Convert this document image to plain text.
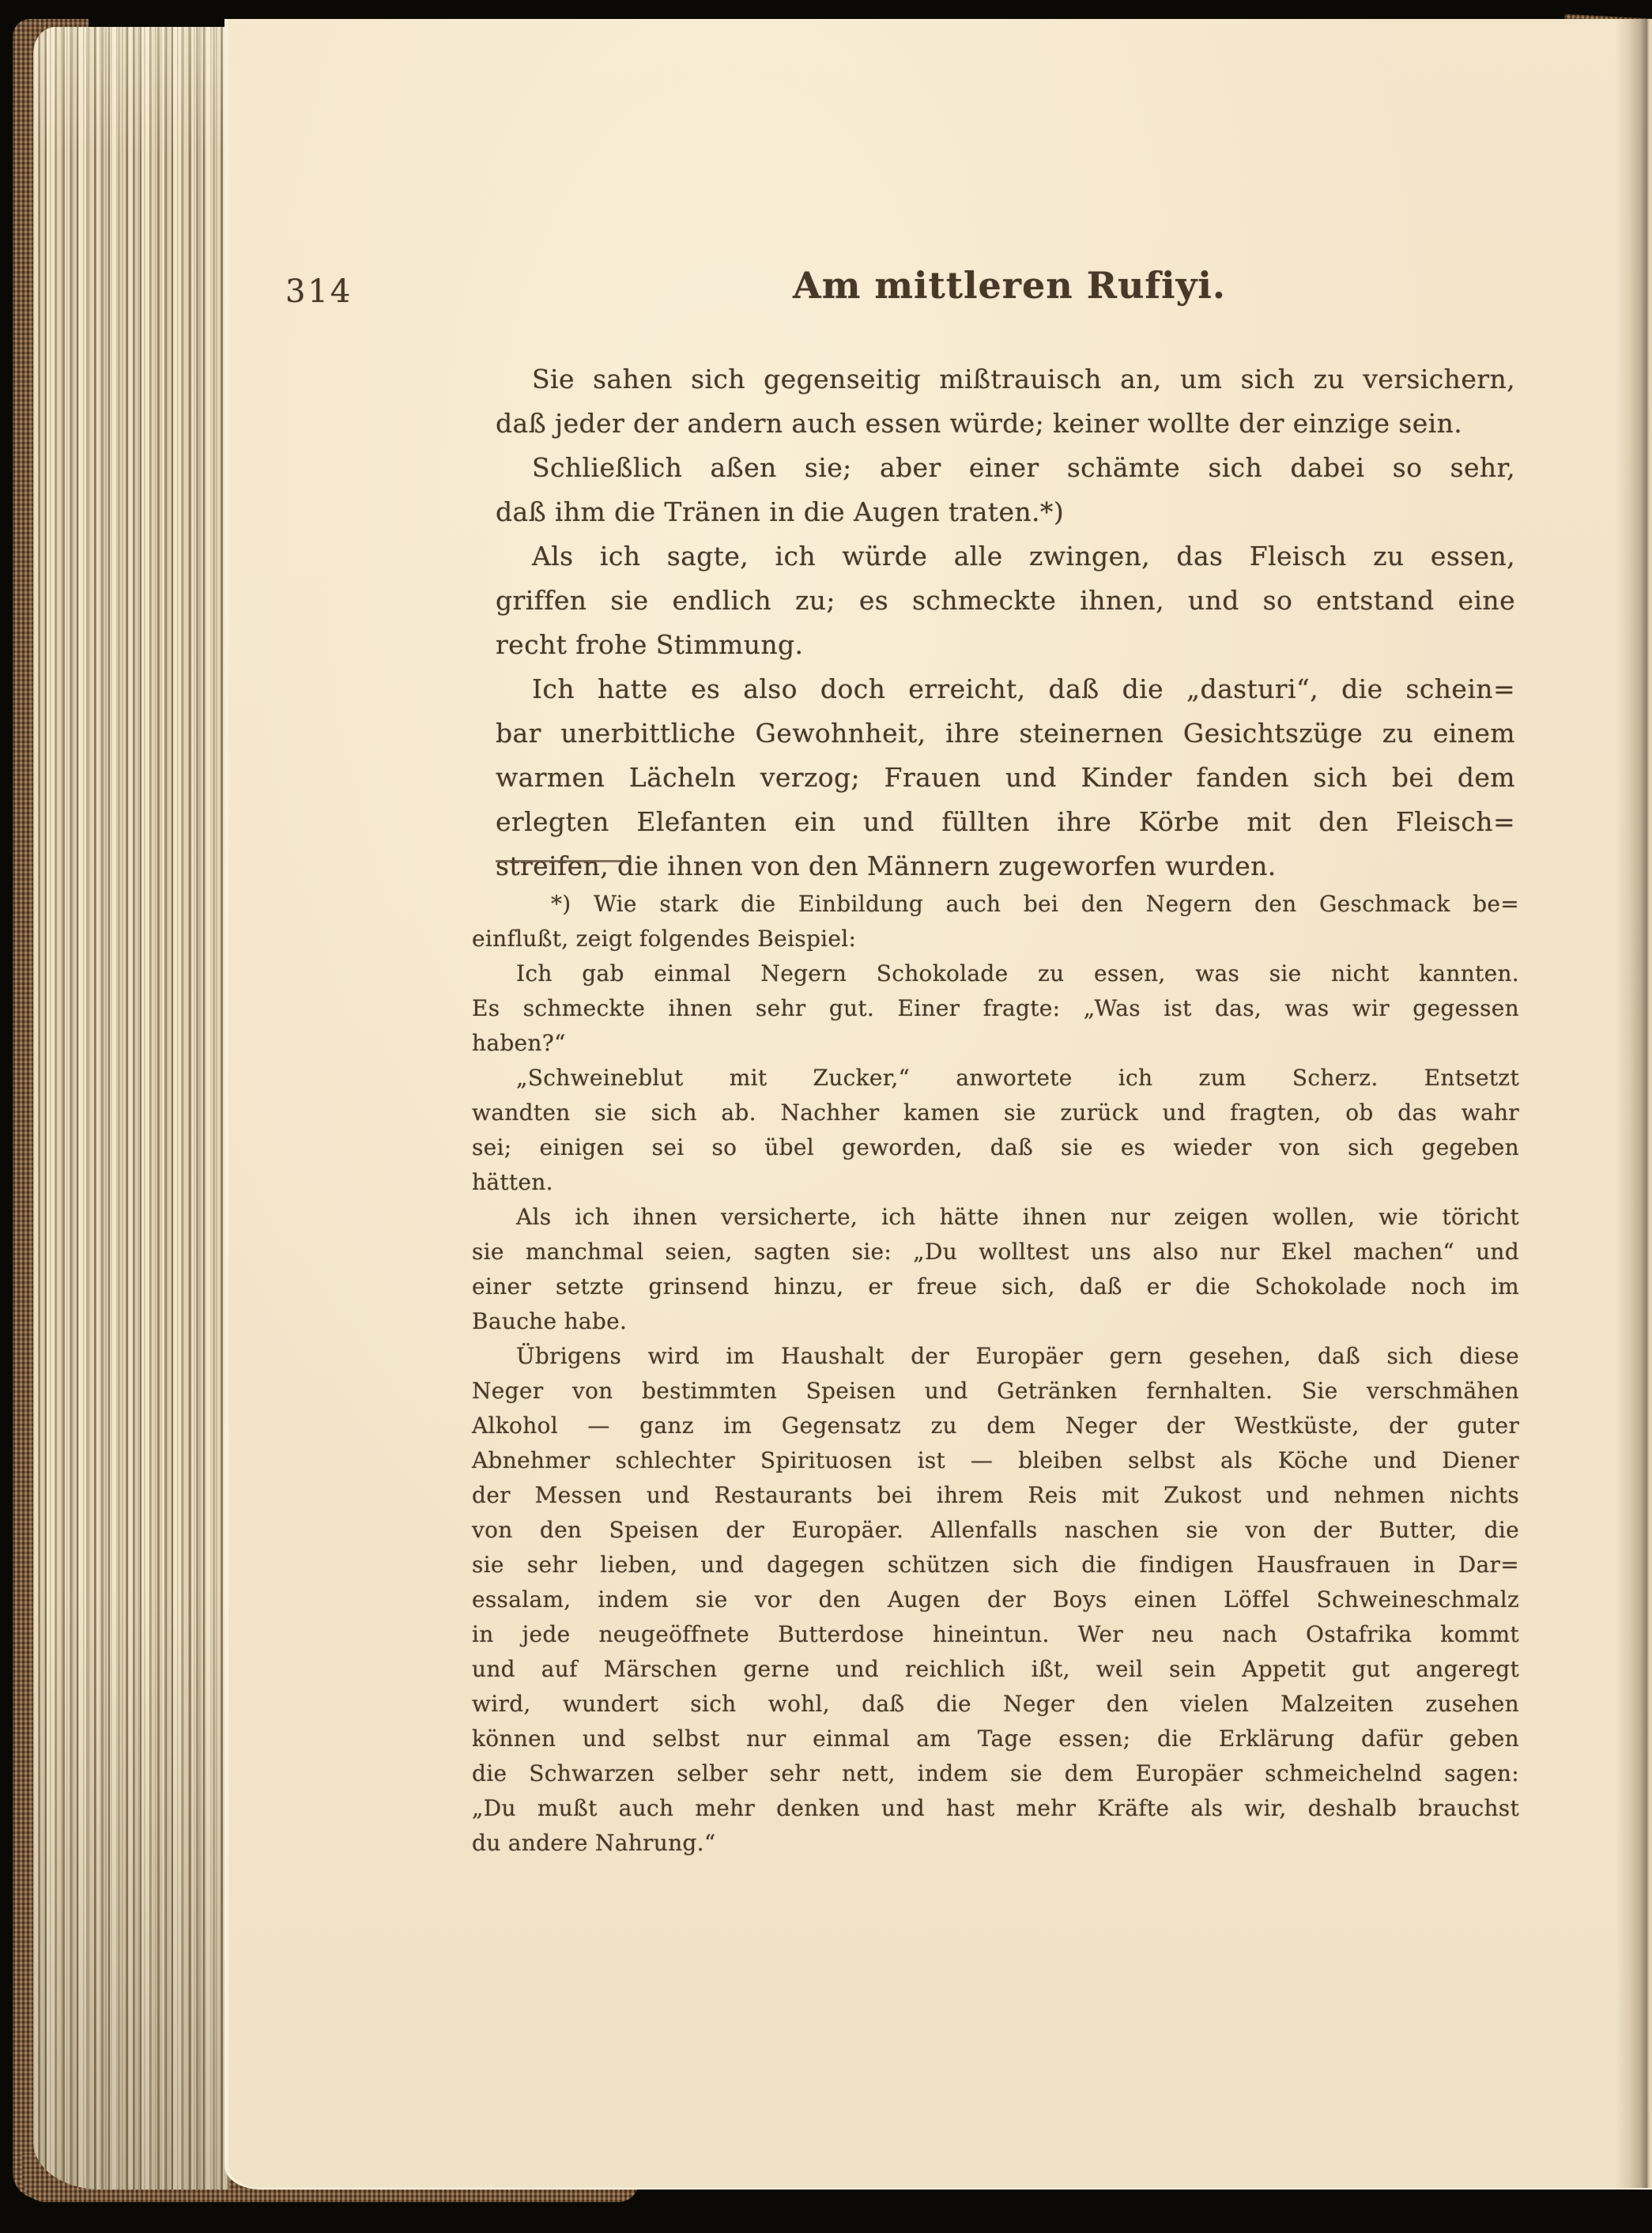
314	Am mittleren Rufiyi.
Sie sahen sich gegenseitig mißtrauisch an, um sich zu versichern,
daß jeder der andern auch essen würde; keiner wollte der einzige sein.
Schließlich aßen sie; aber einer schämte sich dabei so sehr,
daß ihm die Tränen in die Augen traten.*)
Als ich sagte, ich würde alle zwingen, das Fleisch zu essen,
griffen sie endlich zu; es schmeckte ihnen, und so entstand eine
recht frohe Stimmung.
Ich hatte es also doch erreicht, daß die „dasturi“, die schein=
bar unerbittliche Gewohnheit, ihre steinernen Gesichtszüge zu einem
warmen Lächeln verzog; Frauen und Kinder fanden sich bei dem
erlegten Elefanten ein und füllten ihre Körbe mit den Fleisch=
streifen, die ihnen von den Männern zugeworfen wurden.
*) Wie stark die Einbildung auch bei den Negern den Geschmack be=
einflußt, zeigt folgendes Beispiel:
Ich gab einmal Negern Schokolade zu essen, was sie nicht kannten.
Es schmeckte ihnen sehr gut. Einer fragte: „Was ist das, was wir gegessen
haben?“
„Schweineblut mit Zucker,“ anwortete ich zum Scherz. Entsetzt
wandten sie sich ab. Nachher kamen sie zurück und fragten, ob das wahr
sei; einigen sei so übel geworden, daß sie es wieder von sich gegeben
hätten.
Als ich ihnen versicherte, ich hätte ihnen nur zeigen wollen, wie töricht
sie manchmal seien, sagten sie: „Du wolltest uns also nur Ekel machen“ und
einer setzte grinsend hinzu, er freue sich, daß er die Schokolade noch im
Bauche habe.
Übrigens wird im Haushalt der Europäer gern gesehen, daß sich diese
Neger von bestimmten Speisen und Getränken fernhalten. Sie verschmähen
Alkohol — ganz im Gegensatz zu dem Neger der Westküste, der guter
Abnehmer schlechter Spirituosen ist — bleiben selbst als Köche und Diener
der Messen und Restaurants bei ihrem Reis mit Zukost und nehmen nichts
von den Speisen der Europäer. Allenfalls naschen sie von der Butter, die
sie sehr lieben, und dagegen schützen sich die findigen Hausfrauen in Dar=
essalam, indem sie vor den Augen der Boys einen Löffel Schweineschmalz
in jede neugeöffnete Butterdose hineintun. Wer neu nach Ostafrika kommt
und auf Märschen gerne und reichlich ißt, weil sein Appetit gut angeregt
wird, wundert sich wohl, daß die Neger den vielen Malzeiten zusehen
können und selbst nur einmal am Tage essen; die Erklärung dafür geben
die Schwarzen selber sehr nett, indem sie dem Europäer schmeichelnd sagen:
„Du mußt auch mehr denken und hast mehr Kräfte als wir, deshalb brauchst
du andere Nahrung.“
